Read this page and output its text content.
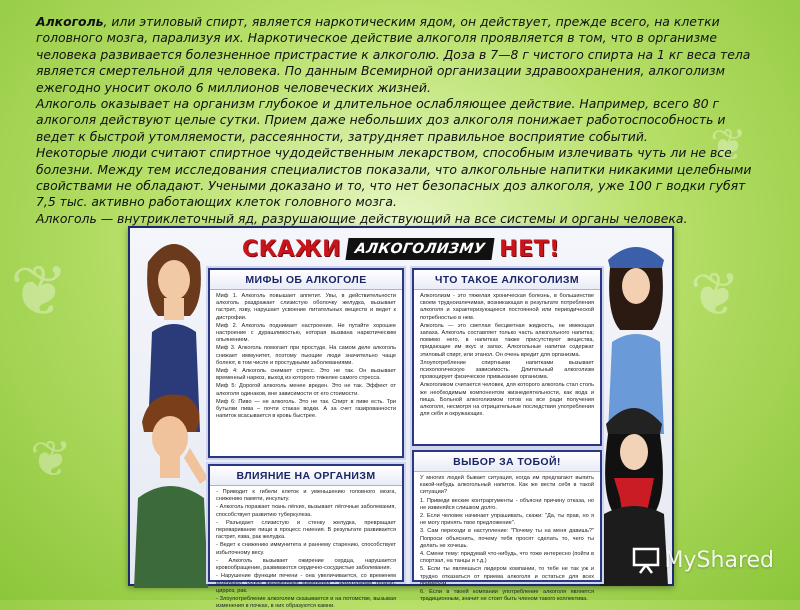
❦	❦
❦
❦

Алкоголь, или этиловый спирт, является наркотическим ядом, он действует, прежде всего, на клетки головного мозга, парализуя их. Наркотическое действие алкоголя проявляется в том, что в организме человека развивается болезненное пристрастие к алкоголю. Доза в 7—8 г чистого спирта на 1 кг веса тела является смертельной для человека. По данным Всемирной организации здравоохранения, алкоголизм ежегодно уносит около 6 миллионов человеческих жизней.

Алкоголь оказывает на организм глубокое и длительное ослабляющее действие. Например, всего 80 г алкоголя действуют целые сутки. Прием даже небольших доз алкоголя понижает работоспособность и ведет к быстрой утомляемости, рассеянности, затрудняет правильное восприятие событий.

Некоторые люди считают спиртное чудодейственным лекарством, способным излечивать чуть ли не все болезни. Между тем исследования специалистов показали, что алкогольные напитки никакими целебными свойствами не обладают. Учеными доказано и то, что нет безопасных доз алкоголя, уже 100 г водки губят 7,5 тыс. активно работающих клеток головного мозга.

Алкоголь — внутриклеточный яд, разрушающие действующий на все системы и органы человека.

СКАЖИ АЛКОГОЛИЗМУ НЕТ!
МИФЫ ОБ АЛКОГОЛЕ

Миф 1. Алкоголь повышает аппетит. Увы, в действительности алкоголь раздражает слизистую оболочку желудка, вызывает гастрит, язву, нарушает усвоение питательных веществ и ведет к дистрофии.

Миф 2. Алкоголь поднимает настроение. Не путайте хорошее настроение с дурашливостью, которая вызвана наркотическим опьянением.

Миф 3. Алкоголь помогает при простуде. На самом деле алкоголь снижает иммунитет, поэтому пьющие люди значительно чаще болеют, в том числе и простудными заболеваниями.

Миф 4: Алкоголь снимает стресс. Это не так. Он вызывает временный наркоз, выход из которого тяжелее самого стресса.

Миф 5: Дорогой алкоголь менее вреден. Это не так. Эффект от алкоголя одинаков, вне зависимости от его стоимости.

Миф 6: Пиво — не алкоголь. Это не так. Спирт в пиве есть. Три бутылки пива – почти стакан водки. А за счет газированности напиток всасывается в кровь быстрее.

ЧТО ТАКОЕ АЛКОГОЛИЗМ

Алкоголизм - это тяжелая хроническая болезнь, в большинстве своем трудноизлечимая, возникающая в результате потребления алкоголя и характеризующееся постоянной или периодической потребностью в нем.

Алкоголь — это светлая бесцветная жидкость, не имеющая запаха. Алкоголь составляет только часть алкогольного напитка; помимо него, в напитках также присутствуют вещества, придающие им вкус и запах. Алкогольные напитки содержат этиловый спирт, или этанол. Он очень вредит для организма.

Злоупотребление спиртными напитками вызывает психологическую зависимость. Длительный алкоголизм провоцирует физическое привыкание организма.

Алкоголиком считается человек, для которого алкоголь стал столь же необходимым компонентом жизнедеятельности, как вода и пища. Больной алкоголизмом готов на все ради получения алкоголя, несмотря на отрицательные последствия употребления для себя и окружающих.

ВЛИЯНИЕ НА ОРГАНИЗМ

- Приводит к гибели клеток и уменьшению головного мозга, снижению памяти, инсульту.

- Алкоголь поражает ткань лёгких, вызывает лёгочные заболевания, способствует развитию туберкулеза.

- Разъедает слизистую и стенку желудка, превращает переваривание пищи в процесс гниения. В результате развивается гастрит, язва, рак желудка.

- Ведет к снижению иммунитета и раннему старению, способствует избыточному весу.

- Алкоголь вызывает ожирение сердца, нарушается кровообращение, развиваются сердечно-сосудистые заболевания.

- Нарушение функции печени - она увеличивается, со временем возникают более выраженные изменения - алкогольный гепатит, цирроз, рак.

- Злоупотребление алкоголем сказывается и на потомстве, вызывая изменения в почках, в них образуются камни.

ВЫБОР ЗА ТОБОЙ!

У многих людей бывает ситуация, когда им предлагают выпить какой-нибудь алкогольный напиток. Как же вести себя в такой ситуации?

1. Приведи веские контраргументы - объясни причину отказа, но не извиняйся слишком долго.

2. Если человек начинает упрашивать, скажи: "Да, ты прав, но я не могу принять твое предложение".

3. Сам переходи в наступление: "Почему ты на меня давишь?" Попроси объяснить, почему тебя просят сделать то, чего ты делать не хочешь.

4. Смени тему: придумай что-нибудь, что тоже интересно (пойти в спортзал, на танцы и т.д.)

5. Если ты являешься лидером компании, то тебе не так уж и трудно отказаться от приема алкоголя и остаться для всех примером.

6. Если в твоей компании употребление алкоголя является традиционным, значит не стоит быть членом такого коллектива.

MyShared
